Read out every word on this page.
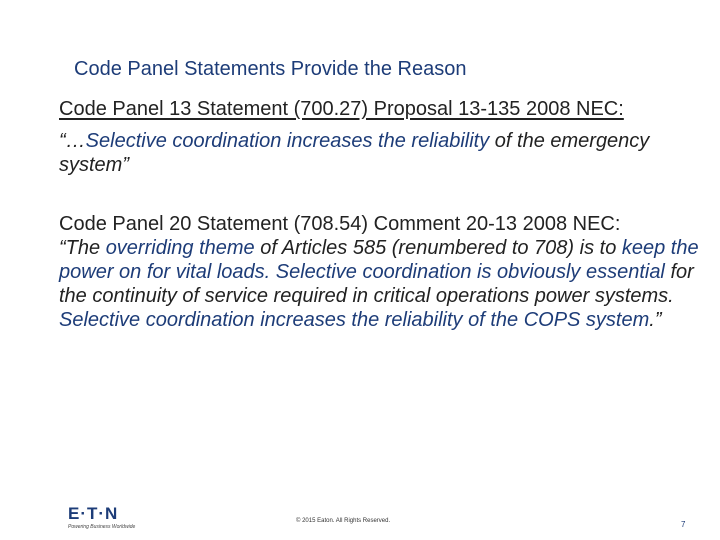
Code Panel Statements Provide the Reason
Code Panel 13 Statement (700.27) Proposal 13-135 2008 NEC:
“…Selective coordination increases the reliability of the emergency system”
Code Panel 20 Statement (708.54) Comment 20-13 2008 NEC:
“The overriding theme of Articles 585 (renumbered to 708) is to keep the power on for vital loads. Selective coordination is obviously essential for the continuity of service required in critical operations power systems. Selective coordination increases the reliability of the COPS system.”
E·T·N
Powering Business Worldwide
© 2015 Eaton. All Rights Reserved.	7
